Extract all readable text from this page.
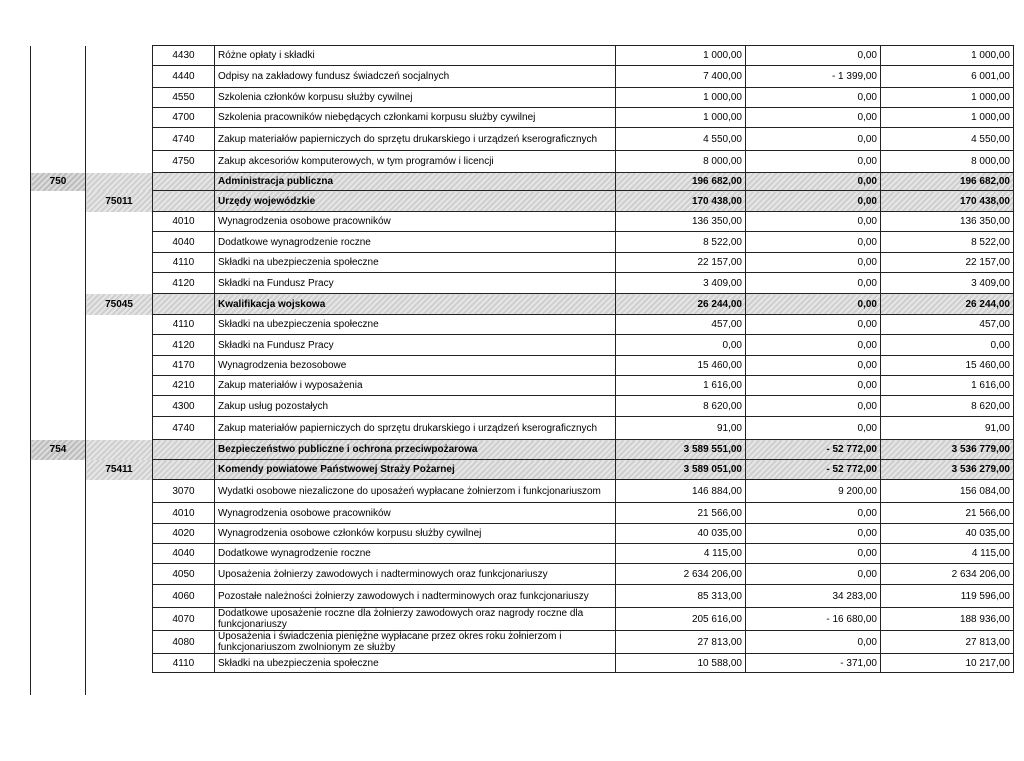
		4430	Różne opłaty i składki	1 000,00	0,00	1 000,00
		4440	Odpisy na zakładowy fundusz świadczeń socjalnych	7 400,00	- 1 399,00	6 001,00
		4550	Szkolenia członków korpusu służby cywilnej	1 000,00	0,00	1 000,00
		4700	Szkolenia pracowników niebędących członkami korpusu służby cywilnej	1 000,00	0,00	1 000,00
		4740	Zakup materiałów papierniczych do sprzętu drukarskiego i urządzeń kserograficznych	4 550,00	0,00	4 550,00
		4750	Zakup akcesoriów komputerowych, w tym programów i licencji	8 000,00	0,00	8 000,00
750			Administracja publiczna	196 682,00	0,00	196 682,00
	75011		Urzędy wojewódzkie	170 438,00	0,00	170 438,00
		4010	Wynagrodzenia osobowe pracowników	136 350,00	0,00	136 350,00
		4040	Dodatkowe wynagrodzenie roczne	8 522,00	0,00	8 522,00
		4110	Składki na ubezpieczenia społeczne	22 157,00	0,00	22 157,00
		4120	Składki na Fundusz Pracy	3 409,00	0,00	3 409,00
	75045		Kwalifikacja wojskowa	26 244,00	0,00	26 244,00
		4110	Składki na ubezpieczenia społeczne	457,00	0,00	457,00
		4120	Składki na Fundusz Pracy	0,00	0,00	0,00
		4170	Wynagrodzenia bezosobowe	15 460,00	0,00	15 460,00
		4210	Zakup materiałów i wyposażenia	1 616,00	0,00	1 616,00
		4300	Zakup usług pozostałych	8 620,00	0,00	8 620,00
		4740	Zakup materiałów papierniczych do sprzętu drukarskiego i urządzeń kserograficznych	91,00	0,00	91,00
754			Bezpieczeństwo publiczne i ochrona przeciwpożarowa	3 589 551,00	- 52 772,00	3 536 779,00
	75411		Komendy powiatowe Państwowej Straży Pożarnej	3 589 051,00	- 52 772,00	3 536 279,00
		3070	Wydatki osobowe niezaliczone do uposażeń wypłacane żołnierzom i funkcjonariuszom	146 884,00	9 200,00	156 084,00
		4010	Wynagrodzenia osobowe pracowników	21 566,00	0,00	21 566,00
		4020	Wynagrodzenia osobowe członków korpusu służby cywilnej	40 035,00	0,00	40 035,00
		4040	Dodatkowe wynagrodzenie roczne	4 115,00	0,00	4 115,00
		4050	Uposażenia żołnierzy zawodowych i nadterminowych oraz funkcjonariuszy	2 634 206,00	0,00	2 634 206,00
		4060	Pozostałe należności żołnierzy zawodowych i nadterminowych oraz funkcjonariuszy	85 313,00	34 283,00	119 596,00
		4070	Dodatkowe uposażenie roczne dla żołnierzy zawodowych oraz nagrody roczne dla funkcjonariuszy	205 616,00	- 16 680,00	188 936,00
		4080	Uposażenia i świadczenia pieniężne wypłacane przez okres roku żołnierzom i funkcjonariuszom zwolnionym ze służby	27 813,00	0,00	27 813,00
		4110	Składki na ubezpieczenia społeczne	10 588,00	- 371,00	10 217,00
